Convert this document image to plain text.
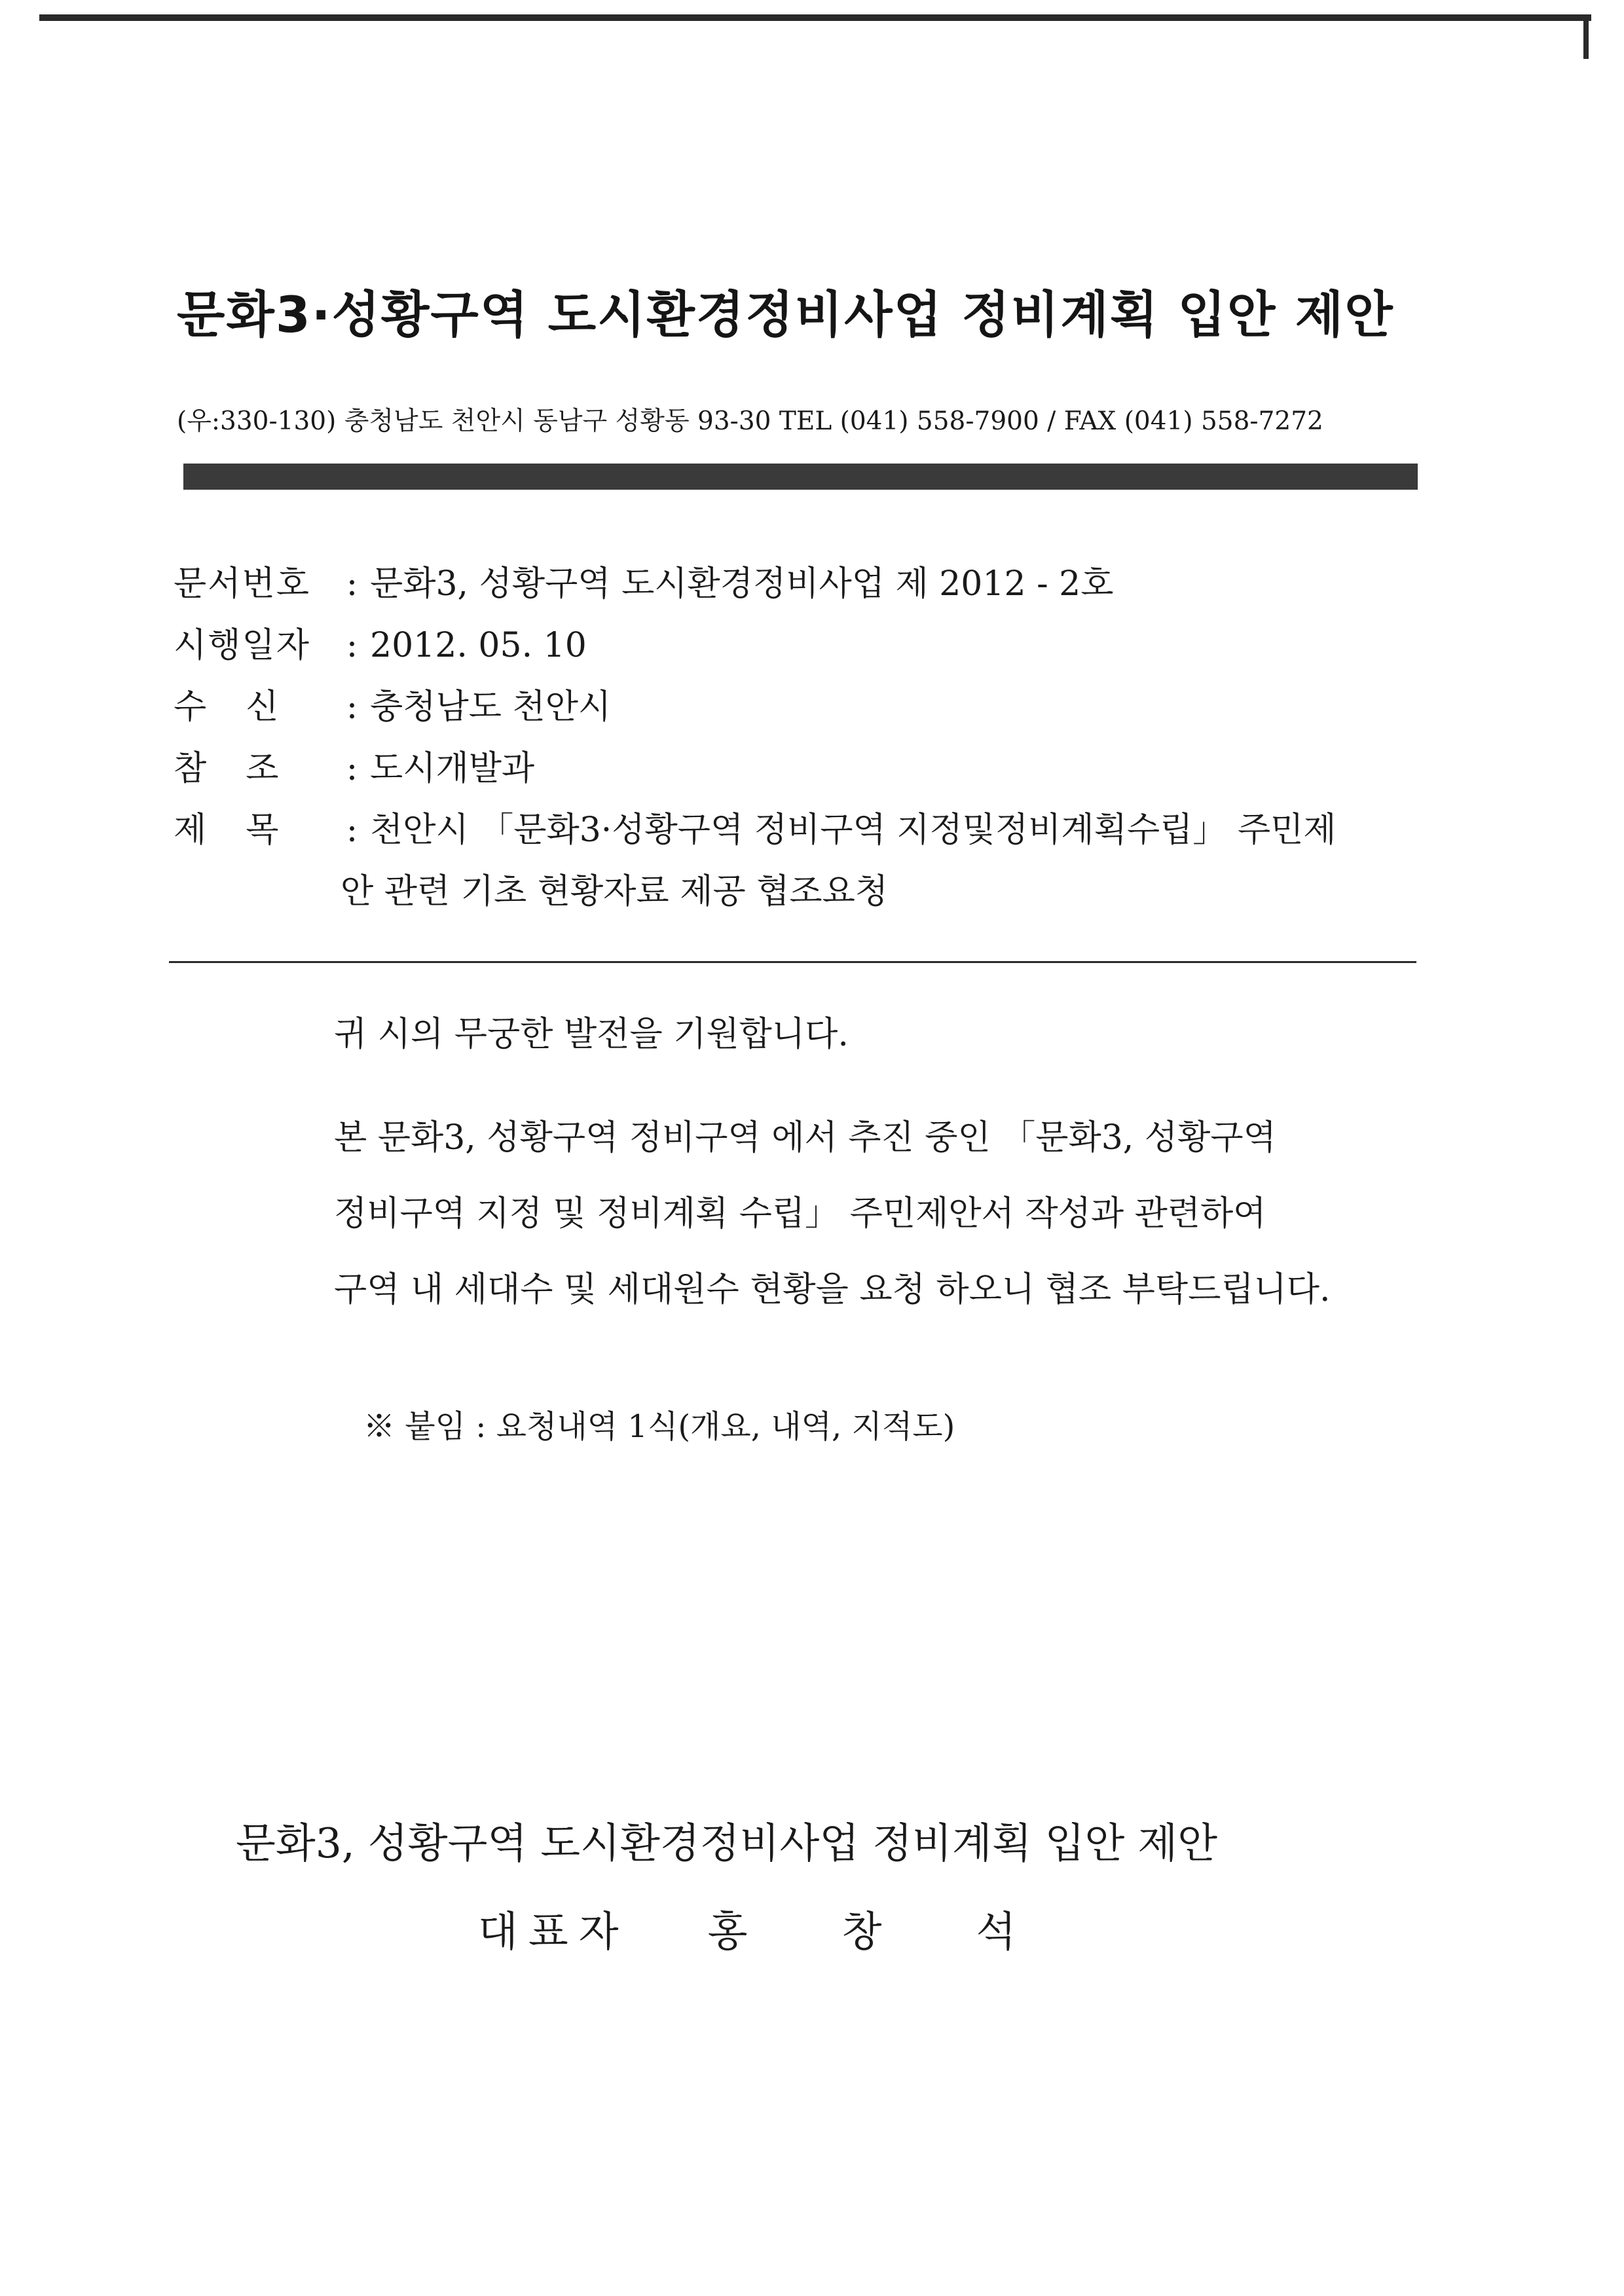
문화3·성황구역 도시환경정비사업 정비계획 입안 제안
(우:330-130) 충청남도 천안시 동남구 성황동 93-30 TEL (041) 558-7900 / FAX (041) 558-7272
문서번호 : 문화3, 성황구역 도시환경정비사업 제 2012 - 2호
시행일자 : 2012. 05. 10
수신 : 충청남도 천안시
참조 : 도시개발과
제목 : 천안시 「문화3·성황구역 정비구역 지정및정비계획수립」 주민제
안 관련 기초 현황자료 제공 협조요청
귀 시의 무궁한 발전을 기원합니다.
본 문화3, 성황구역 정비구역 에서 추진 중인 「문화3, 성황구역
정비구역 지정 및 정비계획 수립」 주민제안서 작성과 관련하여
구역 내 세대수 및 세대원수 현황을 요청 하오니 협조 부탁드립니다.
※ 붙임 : 요청내역 1식(개요, 내역, 지적도)
문화3, 성황구역 도시환경정비사업 정비계획 입안 제안
대표자 홍 창 석
